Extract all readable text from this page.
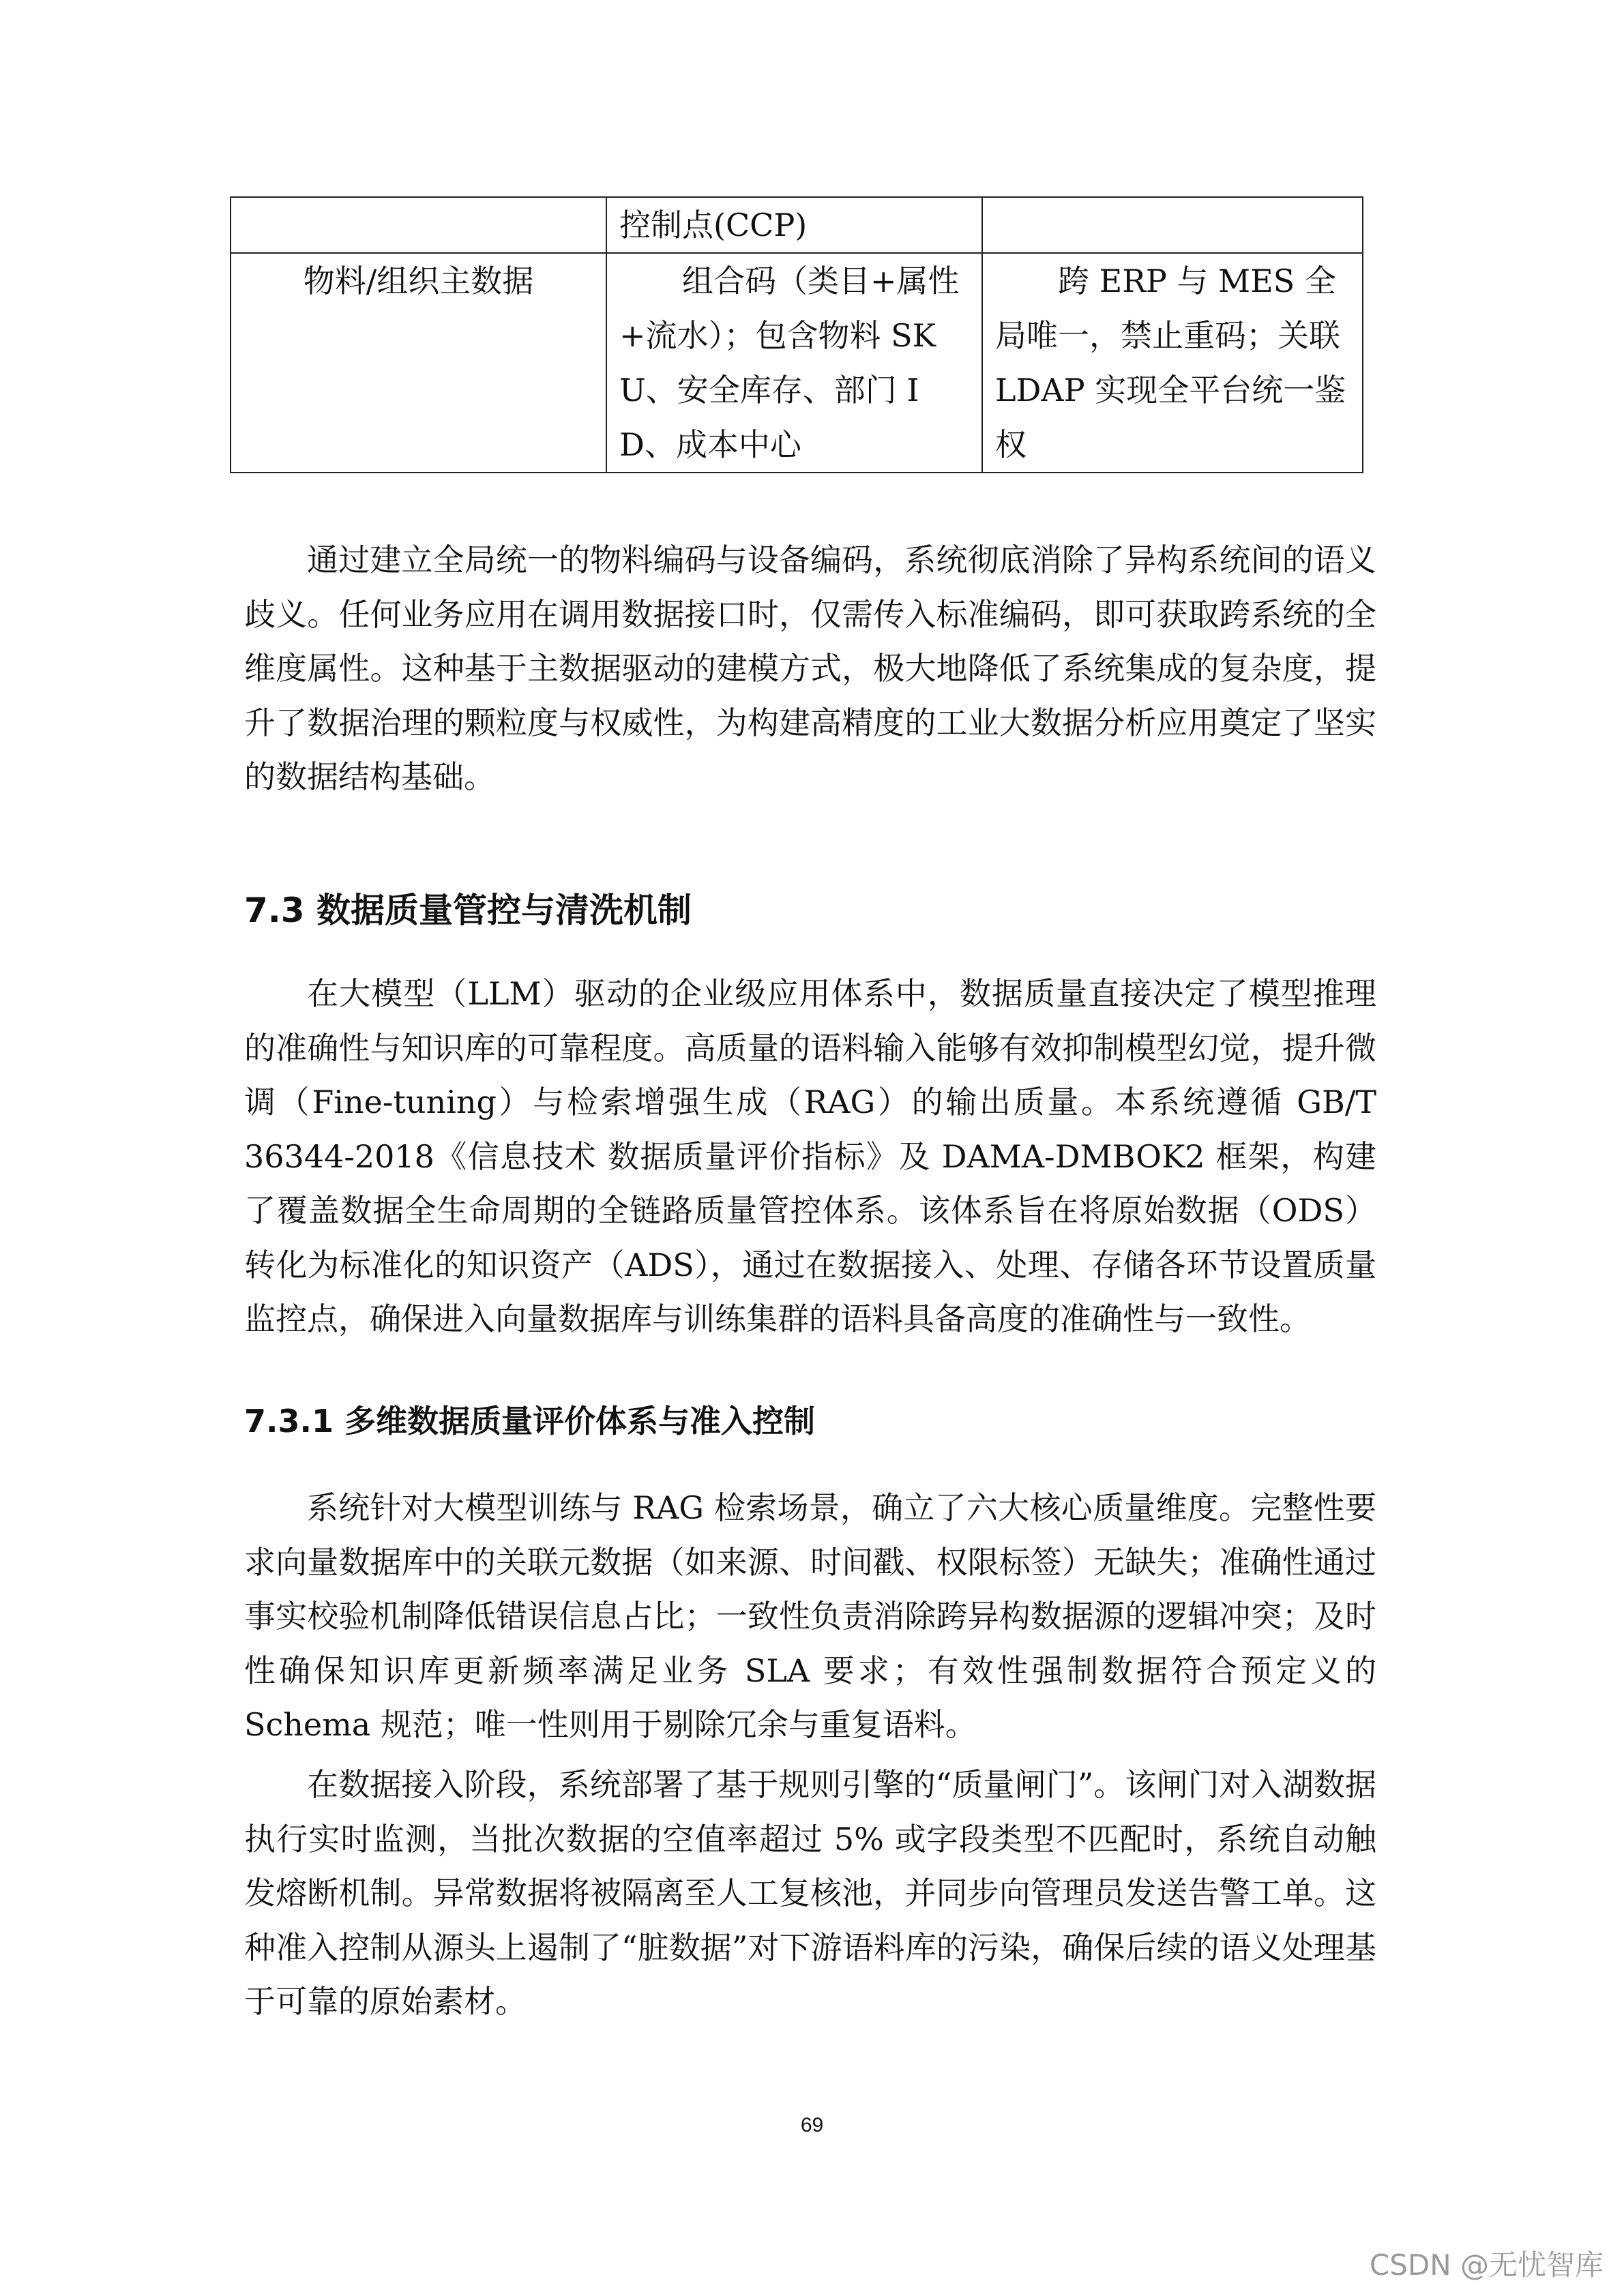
	控制点(CCP)	
物料/组织主数据	组合码（类目+属性+流水）；包含物料 SKU、安全库存、部门 ID、成本中心	跨 ERP 与 MES 全局唯一，禁止重码；关联 LDAP 实现全平台统一鉴权

通过建立全局统一的物料编码与设备编码，系统彻底消除了异构系统间的语义歧义。任何业务应用在调用数据接口时，仅需传入标准编码，即可获取跨系统的全维度属性。这种基于主数据驱动的建模方式，极大地降低了系统集成的复杂度，提升了数据治理的颗粒度与权威性，为构建高精度的工业大数据分析应用奠定了坚实的数据结构基础。

7.3 数据质量管控与清洗机制

在大模型（LLM）驱动的企业级应用体系中，数据质量直接决定了模型推理的准确性与知识库的可靠程度。高质量的语料输入能够有效抑制模型幻觉，提升微调（Fine-tuning）与检索增强生成（RAG）的输出质量。本系统遵循 GB/T 36344-2018《信息技术 数据质量评价指标》及 DAMA-DMBOK2 框架，构建了覆盖数据全生命周期的全链路质量管控体系。该体系旨在将原始数据（ODS）转化为标准化的知识资产（ADS），通过在数据接入、处理、存储各环节设置质量监控点，确保进入向量数据库与训练集群的语料具备高度的准确性与一致性。

7.3.1 多维数据质量评价体系与准入控制

系统针对大模型训练与 RAG 检索场景，确立了六大核心质量维度。完整性要求向量数据库中的关联元数据（如来源、时间戳、权限标签）无缺失；准确性通过事实校验机制降低错误信息占比；一致性负责消除跨异构数据源的逻辑冲突；及时性确保知识库更新频率满足业务 SLA 要求；有效性强制数据符合预定义的 Schema 规范；唯一性则用于剔除冗余与重复语料。

在数据接入阶段，系统部署了基于规则引擎的“质量闸门”。该闸门对入湖数据执行实时监测，当批次数据的空值率超过 5% 或字段类型不匹配时，系统自动触发熔断机制。异常数据将被隔离至人工复核池，并同步向管理员发送告警工单。这种准入控制从源头上遏制了“脏数据”对下游语料库的污染，确保后续的语义处理基于可靠的原始素材。

69
CSDN @无忧智库
